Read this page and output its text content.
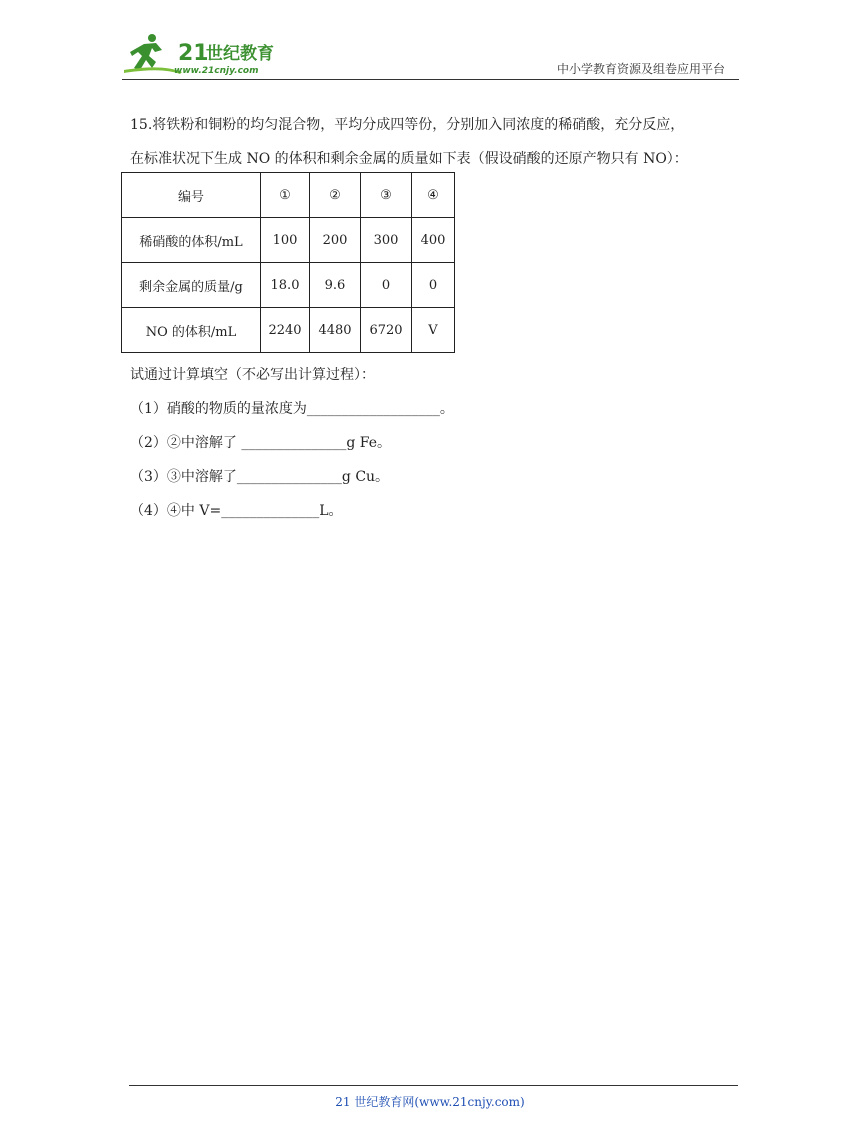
21
世纪教育
www.21cnjy.com	中小学教育资源及组卷应用平台

15.将铁粉和铜粉的均匀混合物，平均分成四等份，分别加入同浓度的稀硝酸，充分反应，

在标准状况下生成 NO 的体积和剩余金属的质量如下表（假设硝酸的还原产物只有 NO）：

编号	①	②	③	④
稀硝酸的体积/mL	100	200	300	400
剩余金属的质量/g	18.0	9.6	0	0
NO 的体积/mL	2240	4480	6720	V
试通过计算填空（不必写出计算过程）：
（1）硝酸的物质的量浓度为___________________。
（2）②中溶解了 _______________g Fe。
（3）③中溶解了_______________g Cu。
（4）④中 V=______________L。
21 世纪教育网(www.21cnjy.com)
